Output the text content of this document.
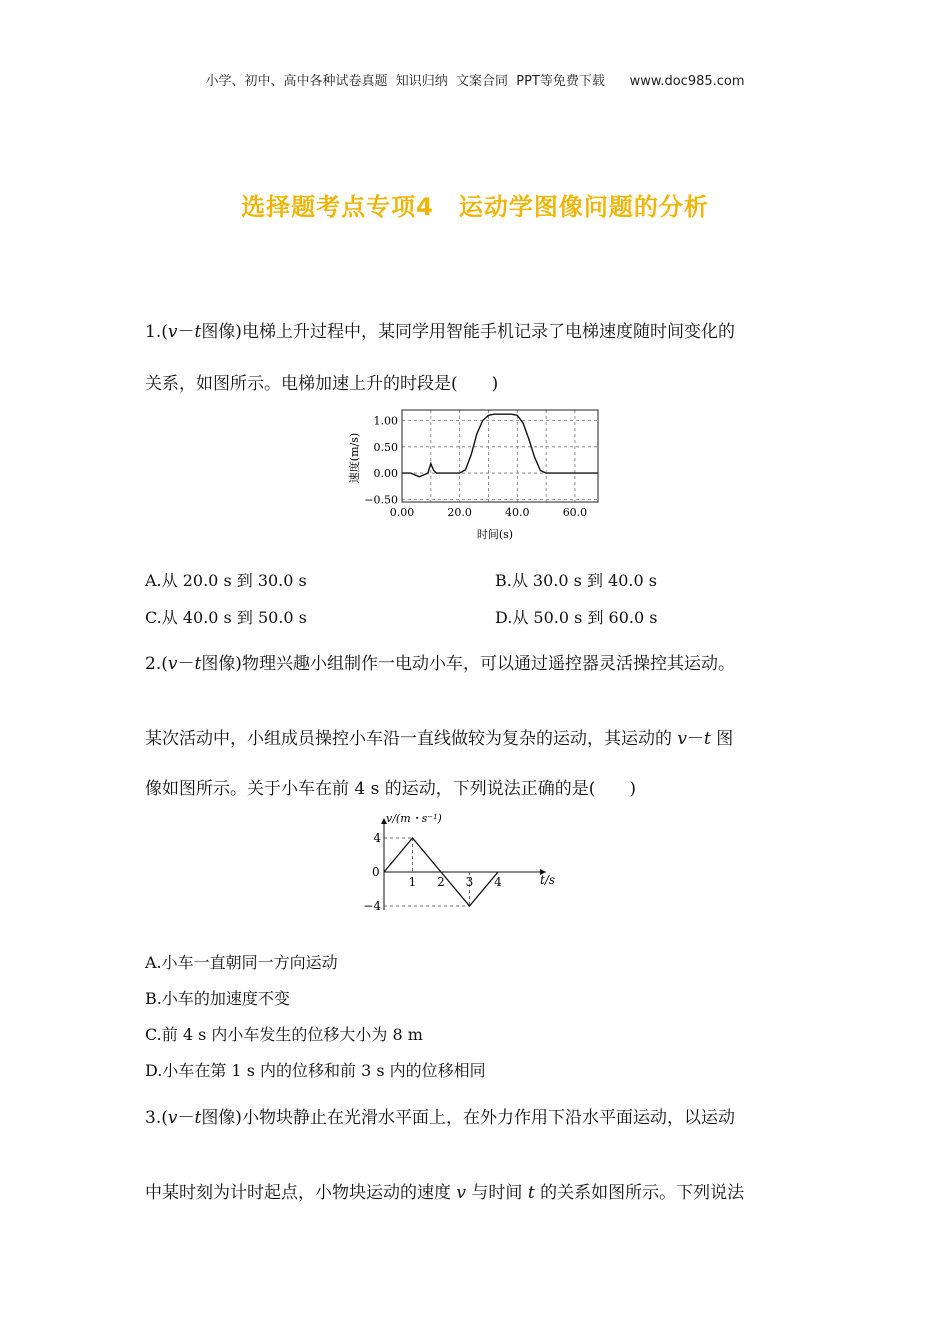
小学、初中、高中各种试卷真题  知识归纳  文案合同  PPT等免费下载      www.doc985.com
选择题考点专项4　运动学图像问题的分析
1.(v－t图像)电梯上升过程中，某同学用智能手机记录了电梯速度随时间变化的
关系，如图所示。电梯加速上升的时段是(　　)
1.00
0.50
0.00
−0.50
0.00	20.0	40.0	60.0
速度(m/s)
时间(s)
A.从 20.0 s 到 30.0 s	B.从 30.0 s 到 40.0 s
C.从 40.0 s 到 50.0 s	D.从 50.0 s 到 60.0 s
2.(v－t图像)物理兴趣小组制作一电动小车，可以通过遥控器灵活操控其运动。
某次活动中，小组成员操控小车沿一直线做较为复杂的运动，其运动的 v－t 图
像如图所示。关于小车在前 4 s 的运动，下列说法正确的是(　　)
4
−4
1 2 3 4
v/(m・s⁻¹)
t/s
0
A.小车一直朝同一方向运动
B.小车的加速度不变
C.前 4 s 内小车发生的位移大小为 8 m
D.小车在第 1 s 内的位移和前 3 s 内的位移相同
3.(v－t图像)小物块静止在光滑水平面上，在外力作用下沿水平面运动，以运动
中某时刻为计时起点，小物块运动的速度 v 与时间 t 的关系如图所示。下列说法
